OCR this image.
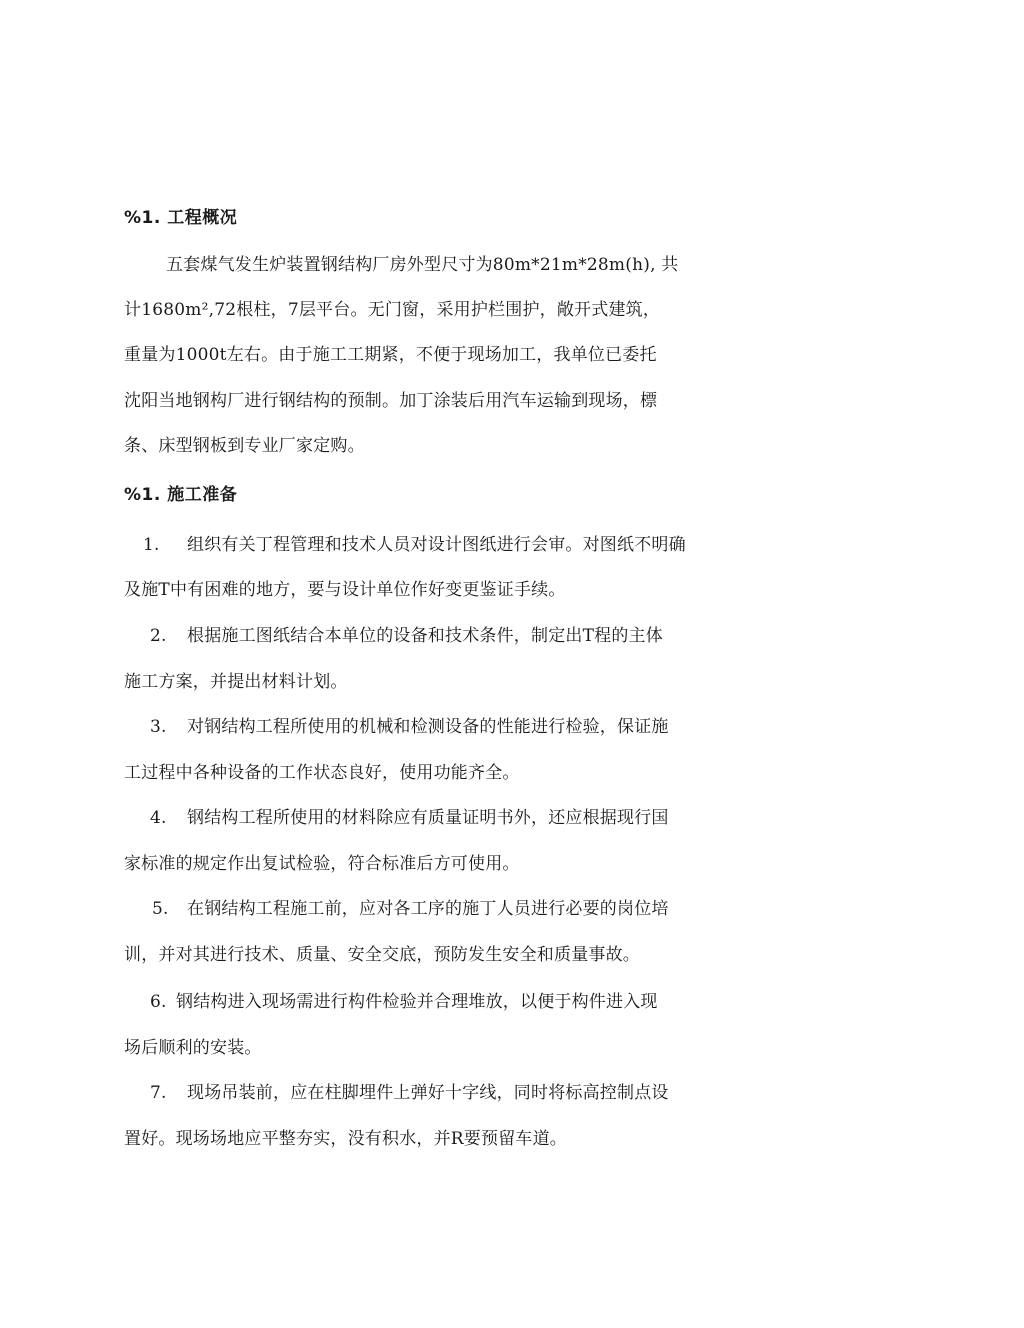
%1. 工程概况
五套煤气发生炉装置钢结构厂房外型尺寸为80m*21m*28m(h), 共
计1680m²,72根柱，7层平台。无门窗，采用护栏围护，敞开式建筑，
重量为1000t左右。由于施工工期紧，不便于现场加工，我单位已委托
沈阳当地钢构厂进行钢结构的预制。加丁涂装后用汽车运输到现场，標
条、床型钢板到专业厂家定购。
%1. 施工准备
1. 组织有关丁程管理和技术人员对设计图纸进行会审。对图纸不明确
及施T中有困难的地方，要与设计单位作好变更鉴证手续。
2. 根据施工图纸结合本单位的设备和技术条件，制定出T程的主体
施工方案，并提出材料计划。
3. 对钢结构工程所使用的机械和检测设备的性能进行检验，保证施
工过程中各种设备的工作状态良好，使用功能齐全。
4. 钢结构工程所使用的材料除应有质量证明书外，还应根据现行国
家标准的规定作出复试检验，符合标准后方可使用。
5. 在钢结构工程施工前，应对各工序的施丁人员进行必要的岗位培
训，并对其进行技术、质量、安全交底，预防发生安全和质量事故。
6. 钢结构进入现场需进行构件检验并合理堆放，以便于构件进入现
场后顺利的安装。
7. 现场吊装前，应在柱脚埋件上弹好十字线，同时将标高控制点设
置好。现场场地应平整夯实，没有积水，并R要预留车道。
